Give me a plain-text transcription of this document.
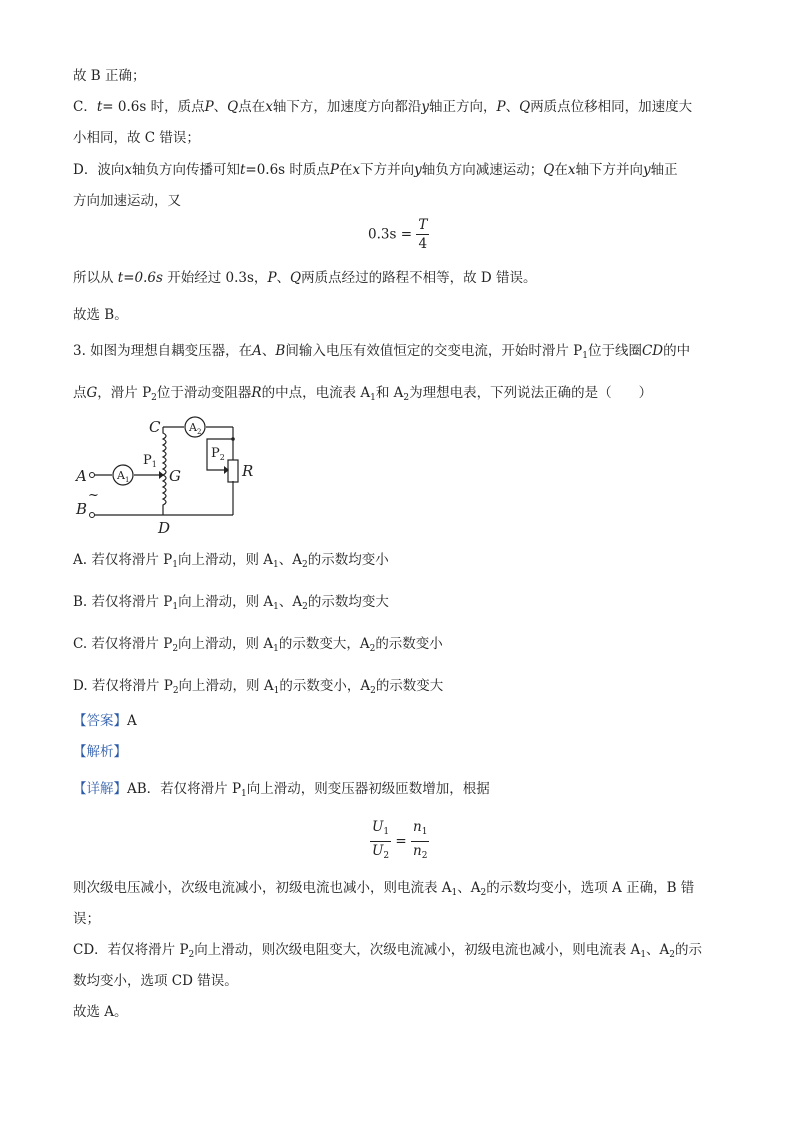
故 B 正确；
C．t= 0.6s 时，质点P、Q点在x轴下方，加速度方向都沿y轴正方向，P、Q两质点位移相同，加速度大
小相同，故 C 错误；
D．波向x轴负方向传播可知t=0.6s 时质点P在x下方并向y轴负方向减速运动；Q在x轴下方并向y轴正
方向加速运动，又
$0.3s = \frac{T}{4}$
所以从 t=0.6s 开始经过 0.3s，P、Q两质点经过的路程不相等，故 D 错误。
故选 B。
3. 如图为理想自耦变压器，在A、B间输入电压有效值恒定的交变电流，开始时滑片 $P_1$位于线圈CD的中
点G，滑片 $P_2$位于滑动变阻器R的中点，电流表 $A_1$和 $A_2$为理想电表，下列说法正确的是（　　）
$A_1$
$A_2$
C
G
D
A
B
R
$P_1$
$P_2$
~
A. 若仅将滑片 $P_1$向上滑动，则 $A_1$、$A_2$的示数均变小
B. 若仅将滑片 $P_1$向上滑动，则 $A_1$、$A_2$的示数均变大
C. 若仅将滑片 $P_2$向上滑动，则 $A_1$的示数变大，$A_2$的示数变小
D. 若仅将滑片 $P_2$向上滑动，则 $A_1$的示数变小，$A_2$的示数变大
【答案】A
【解析】
【详解】AB．若仅将滑片 $P_1$向上滑动，则变压器初级匝数增加，根据
$\frac{U_1}{U_2} = \frac{n_1}{n_2}$
则次级电压减小，次级电流减小，初级电流也减小，则电流表 $A_1$、$A_2$的示数均变小，选项 A 正确，B 错
误；
CD．若仅将滑片 $P_2$向上滑动，则次级电阻变大，次级电流减小，初级电流也减小，则电流表 $A_1$、$A_2$的示
数均变小，选项 CD 错误。
故选 A。
